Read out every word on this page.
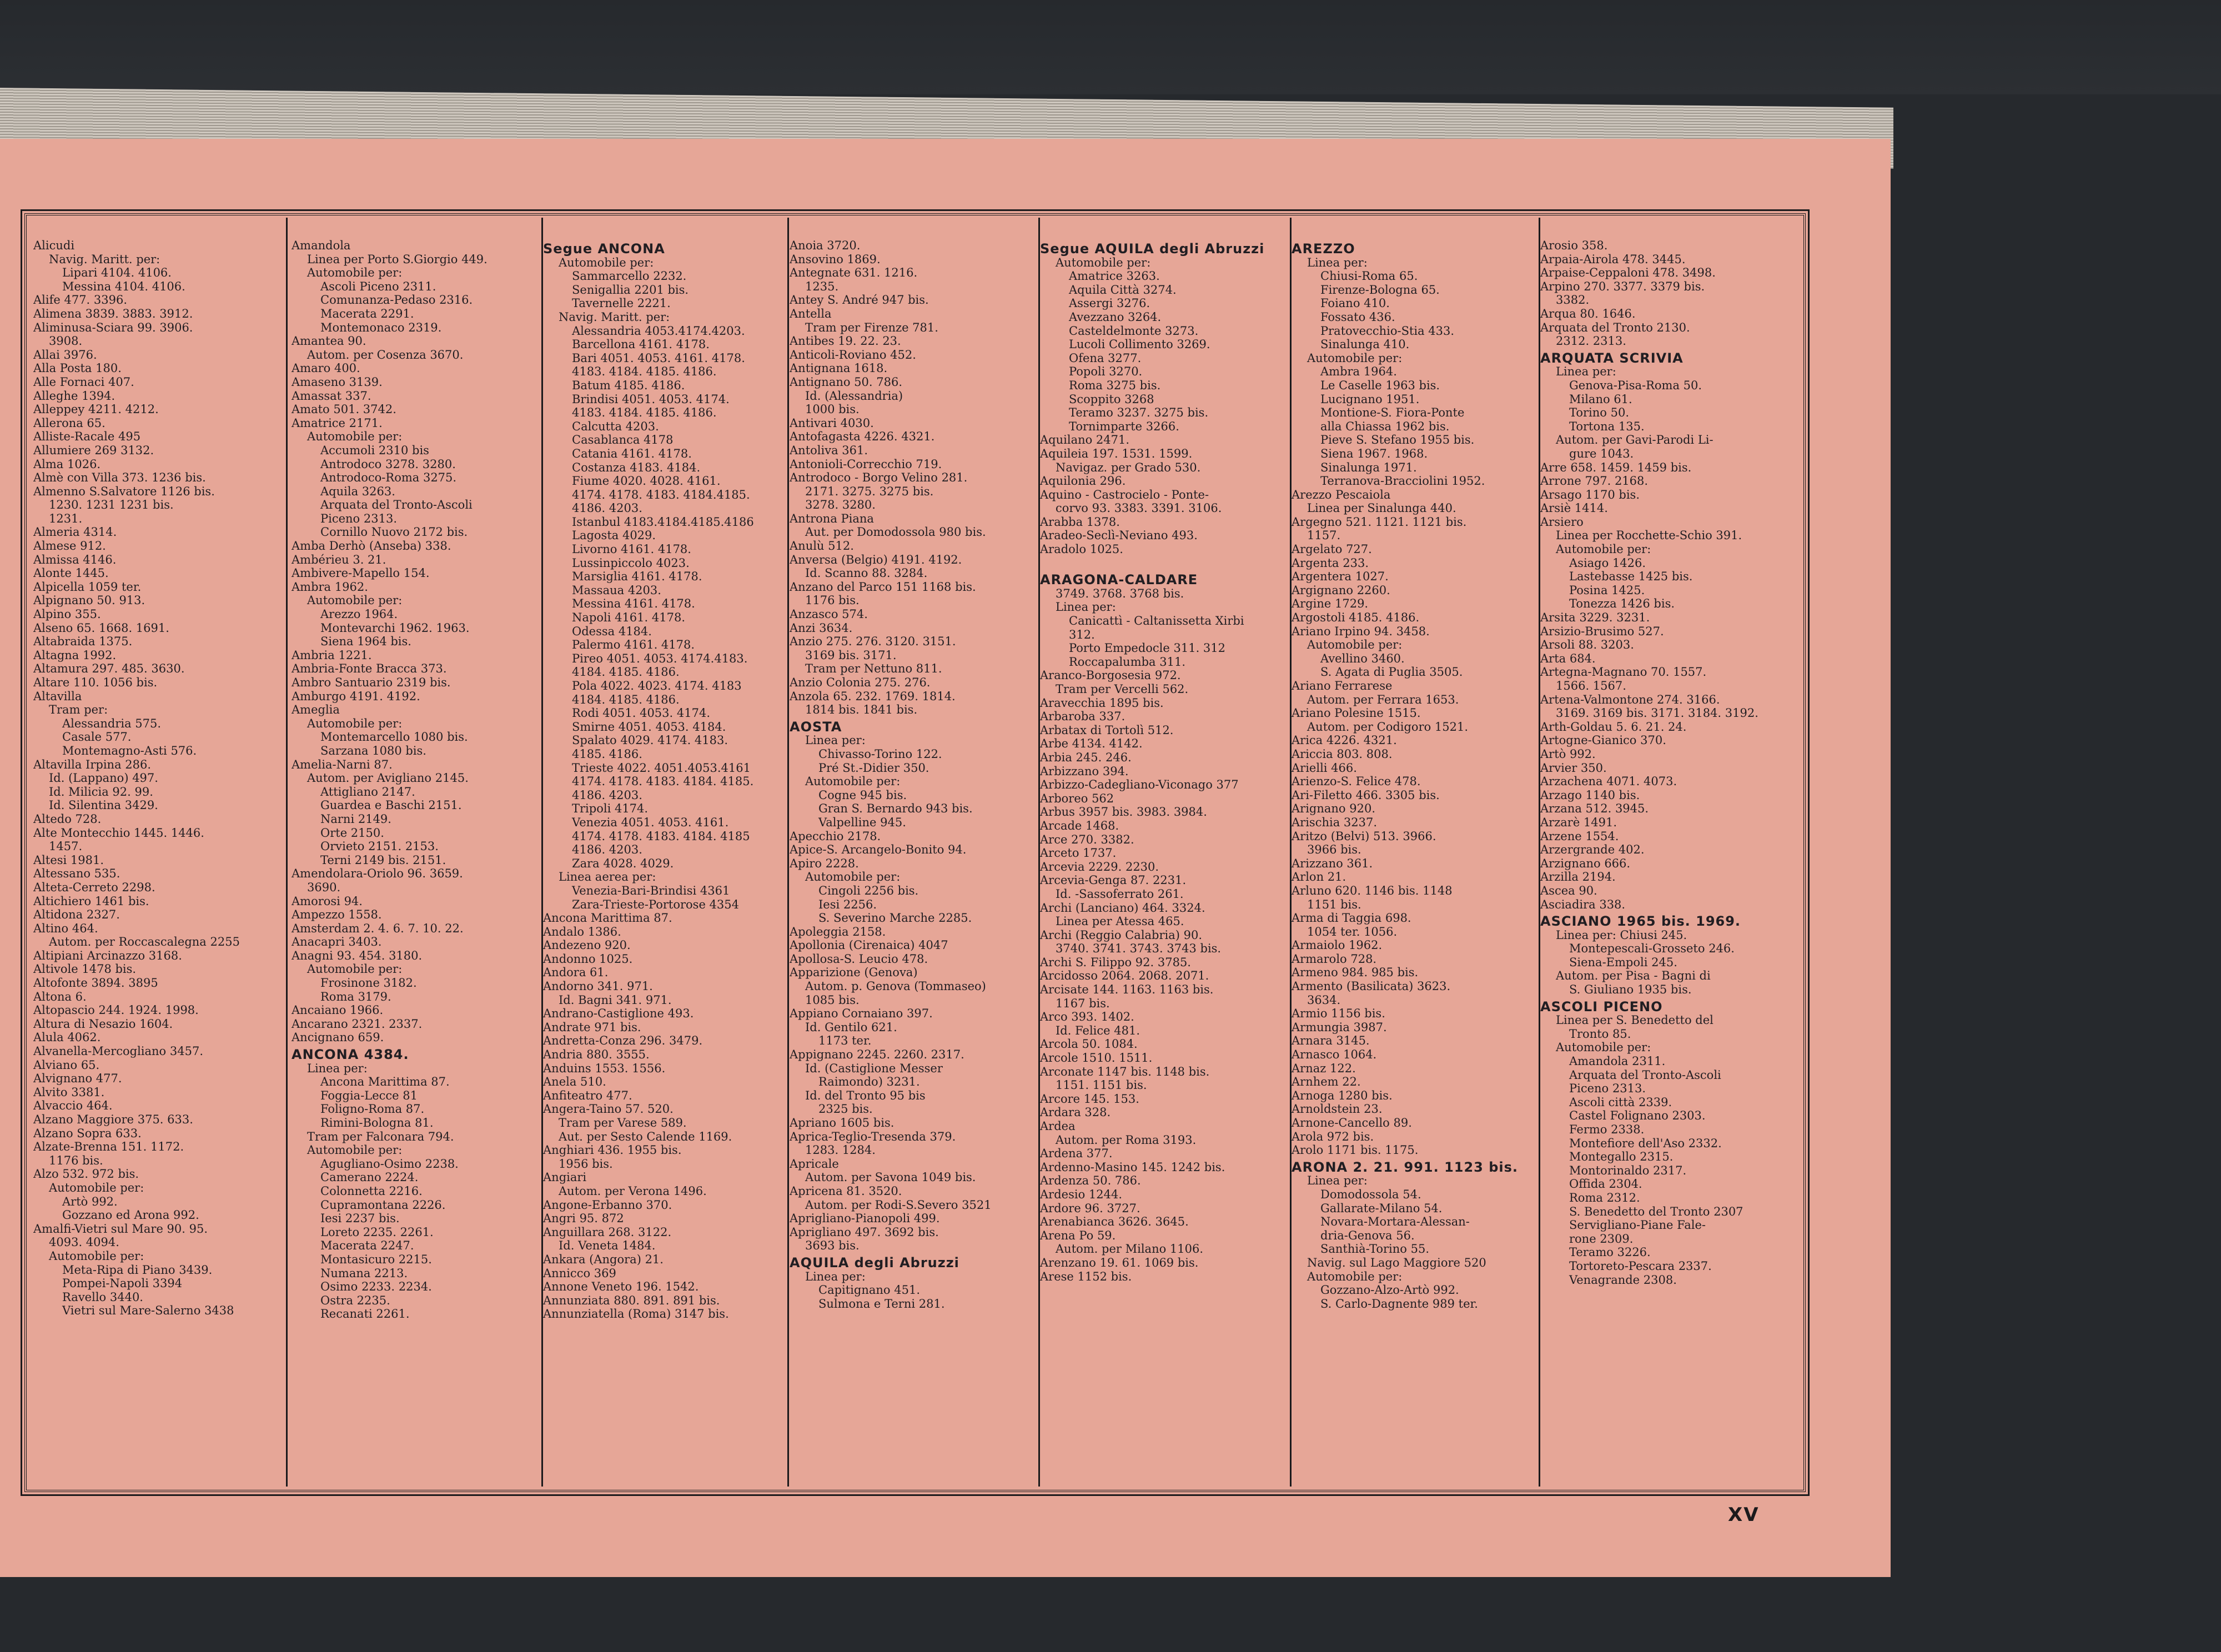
Alicudi
Navig. Maritt. per:
Lipari 4104. 4106.
Messina 4104. 4106.
Alife 477. 3396.
Alimena 3839. 3883. 3912.
Aliminusa-Sciara 99. 3906.
3908.
Allai 3976.
Alla Posta 180.
Alle Fornaci 407.
Alleghe 1394.
Alleppey 4211. 4212.
Allerona 65.
Alliste-Racale 495
Allumiere 269 3132.
Alma 1026.
Almè con Villa 373. 1236 bis.
Almenno S.Salvatore 1126 bis.
1230. 1231 1231 bis.
1231.
Almeria 4314.
Almese 912.
Almissa 4146.
Alonte 1445.
Alpicella 1059 ter.
Alpignano 50. 913.
Alpino 355.
Alseno 65. 1668. 1691.
Altabraida 1375.
Altagna 1992.
Altamura 297. 485. 3630.
Altare 110. 1056 bis.
Altavilla
Tram per:
Alessandria 575.
Casale 577.
Montemagno-Asti 576.
Altavilla Irpina 286.
Id. (Lappano) 497.
Id. Milicia 92. 99.
Id. Silentina 3429.
Altedo 728.
Alte Montecchio 1445. 1446.
1457.
Altesi 1981.
Altessano 535.
Alteta-Cerreto 2298.
Altichiero 1461 bis.
Altidona 2327.
Altino 464.
Autom. per Roccascalegna 2255
Altipiani Arcinazzo 3168.
Altivole 1478 bis.
Altofonte 3894. 3895
Altona 6.
Altopascio 244. 1924. 1998.
Altura di Nesazio 1604.
Alula 4062.
Alvanella-Mercogliano 3457.
Alviano 65.
Alvignano 477.
Alvito 3381.
Alvaccio 464.
Alzano Maggiore 375. 633.
Alzano Sopra 633.
Alzate-Brenna 151. 1172.
1176 bis.
Alzo 532. 972 bis.
Automobile per:
Artò 992.
Gozzano ed Arona 992.
Amalfi-Vietri sul Mare 90. 95.
4093. 4094.
Automobile per:
Meta-Ripa di Piano 3439.
Pompei-Napoli 3394
Ravello 3440.
Vietri sul Mare-Salerno 3438
Amandola
Linea per Porto S.Giorgio 449.
Automobile per:
Ascoli Piceno 2311.
Comunanza-Pedaso 2316.
Macerata 2291.
Montemonaco 2319.
Amantea 90.
Autom. per Cosenza 3670.
Amaro 400.
Amaseno 3139.
Amassat 337.
Amato 501. 3742.
Amatrice 2171.
Automobile per:
Accumoli 2310 bis
Antrodoco 3278. 3280.
Antrodoco-Roma 3275.
Aquila 3263.
Arquata del Tronto-Ascoli
Piceno 2313.
Cornillo Nuovo 2172 bis.
Amba Derhò (Anseba) 338.
Ambérieu 3. 21.
Ambivere-Mapello 154.
Ambra 1962.
Automobile per:
Arezzo 1964.
Montevarchi 1962. 1963.
Siena 1964 bis.
Ambria 1221.
Ambria-Fonte Bracca 373.
Ambro Santuario 2319 bis.
Amburgo 4191. 4192.
Ameglia
Automobile per:
Montemarcello 1080 bis.
Sarzana 1080 bis.
Amelia-Narni 87.
Autom. per Avigliano 2145.
Attigliano 2147.
Guardea e Baschi 2151.
Narni 2149.
Orte 2150.
Orvieto 2151. 2153.
Terni 2149 bis. 2151.
Amendolara-Oriolo 96. 3659.
3690.
Amorosi 94.
Ampezzo 1558.
Amsterdam 2. 4. 6. 7. 10. 22.
Anacapri 3403.
Anagni 93. 454. 3180.
Automobile per:
Frosinone 3182.
Roma 3179.
Ancaiano 1966.
Ancarano 2321. 2337.
Ancignano 659.
ANCONA 4384.
Linea per:
Ancona Marittima 87.
Foggia-Lecce 81
Foligno-Roma 87.
Rimini-Bologna 81.
Tram per Falconara 794.
Automobile per:
Agugliano-Osimo 2238.
Camerano 2224.
Colonnetta 2216.
Cupramontana 2226.
Iesi 2237 bis.
Loreto 2235. 2261.
Macerata 2247.
Montasicuro 2215.
Numana 2213.
Osimo 2233. 2234.
Ostra 2235.
Recanati 2261.
Segue ANCONA
Automobile per:
Sammarcello 2232.
Senigallia 2201 bis.
Tavernelle 2221.
Navig. Maritt. per:
Alessandria 4053.4174.4203.
Barcellona 4161. 4178.
Bari 4051. 4053. 4161. 4178.
4183. 4184. 4185. 4186.
Batum 4185. 4186.
Brindisi 4051. 4053. 4174.
4183. 4184. 4185. 4186.
Calcutta 4203.
Casablanca 4178
Catania 4161. 4178.
Costanza 4183. 4184.
Fiume 4020. 4028. 4161.
4174. 4178. 4183. 4184.4185.
4186. 4203.
Istanbul 4183.4184.4185.4186
Lagosta 4029.
Livorno 4161. 4178.
Lussinpiccolo 4023.
Marsiglia 4161. 4178.
Massaua 4203.
Messina 4161. 4178.
Napoli 4161. 4178.
Odessa 4184.
Palermo 4161. 4178.
Pireo 4051. 4053. 4174.4183.
4184. 4185. 4186.
Pola 4022. 4023. 4174. 4183
4184. 4185. 4186.
Rodi 4051. 4053. 4174.
Smirne 4051. 4053. 4184.
Spalato 4029. 4174. 4183.
4185. 4186.
Trieste 4022. 4051.4053.4161
4174. 4178. 4183. 4184. 4185.
4186. 4203.
Tripoli 4174.
Venezia 4051. 4053. 4161.
4174. 4178. 4183. 4184. 4185
4186. 4203.
Zara 4028. 4029.
Linea aerea per:
Venezia-Bari-Brindisi 4361
Zara-Trieste-Portorose 4354
Ancona Marittima 87.
Andalo 1386.
Andezeno 920.
Andonno 1025.
Andora 61.
Andorno 341. 971.
Id. Bagni 341. 971.
Andrano-Castiglione 493.
Andrate 971 bis.
Andretta-Conza 296. 3479.
Andria 880. 3555.
Anduins 1553. 1556.
Anela 510.
Anfiteatro 477.
Angera-Taino 57. 520.
Tram per Varese 589.
Aut. per Sesto Calende 1169.
Anghiari 436. 1955 bis.
1956 bis.
Angiari
Autom. per Verona 1496.
Angone-Erbanno 370.
Angri 95. 872
Anguillara 268. 3122.
Id. Veneta 1484.
Ankara (Angora) 21.
Annicco 369
Annone Veneto 196. 1542.
Annunziata 880. 891. 891 bis.
Annunziatella (Roma) 3147 bis.
Anoia 3720.
Ansovino 1869.
Antegnate 631. 1216.
1235.
Antey S. André 947 bis.
Antella
Tram per Firenze 781.
Antibes 19. 22. 23.
Anticoli-Roviano 452.
Antignana 1618.
Antignano 50. 786.
Id. (Alessandria)
1000 bis.
Antivari 4030.
Antofagasta 4226. 4321.
Antoliva 361.
Antonioli-Correcchio 719.
Antrodoco - Borgo Velino 281.
2171. 3275. 3275 bis.
3278. 3280.
Antrona Piana
Aut. per Domodossola 980 bis.
Anulù 512.
Anversa (Belgio) 4191. 4192.
Id. Scanno 88. 3284.
Anzano del Parco 151 1168 bis.
1176 bis.
Anzasco 574.
Anzi 3634.
Anzio 275. 276. 3120. 3151.
3169 bis. 3171.
Tram per Nettuno 811.
Anzio Colonia 275. 276.
Anzola 65. 232. 1769. 1814.
1814 bis. 1841 bis.
AOSTA
Linea per:
Chivasso-Torino 122.
Pré St.-Didier 350.
Automobile per:
Cogne 945 bis.
Gran S. Bernardo 943 bis.
Valpelline 945.
Apecchio 2178.
Apice-S. Arcangelo-Bonito 94.
Apiro 2228.
Automobile per:
Cingoli 2256 bis.
Iesi 2256.
S. Severino Marche 2285.
Apoleggia 2158.
Apollonia (Cirenaica) 4047
Apollosa-S. Leucio 478.
Apparizione (Genova)
Autom. p. Genova (Tommaseo)
1085 bis.
Appiano Cornaiano 397.
Id. Gentilo 621.
1173 ter.
Appignano 2245. 2260. 2317.
Id. (Castiglione Messer
Raimondo) 3231.
Id. del Tronto 95 bis
2325 bis.
Apriano 1605 bis.
Aprica-Teglio-Tresenda 379.
1283. 1284.
Apricale
Autom. per Savona 1049 bis.
Apricena 81. 3520.
Autom. per Rodi-S.Severo 3521
Aprigliano-Pianopoli 499.
Aprigliano 497. 3692 bis.
3693 bis.
AQUILA degli Abruzzi
Linea per:
Capitignano 451.
Sulmona e Terni 281.
Segue AQUILA degli Abruzzi
Automobile per:
Amatrice 3263.
Aquila Città 3274.
Assergi 3276.
Avezzano 3264.
Casteldelmonte 3273.
Lucoli Collimento 3269.
Ofena 3277.
Popoli 3270.
Roma 3275 bis.
Scoppito 3268
Teramo 3237. 3275 bis.
Tornimparte 3266.
Aquilano 2471.
Aquileia 197. 1531. 1599.
Navigaz. per Grado 530.
Aquilonia 296.
Aquino - Castrocielo - Ponte-
corvo 93. 3383. 3391. 3106.
Arabba 1378.
Aradeo-Seclì-Neviano 493.
Aradolo 1025.

ARAGONA-CALDARE
3749. 3768. 3768 bis.
Linea per:
Canicattì - Caltanissetta Xirbi
312.
Porto Empedocle 311. 312
Roccapalumba 311.
Aranco-Borgosesia 972.
Tram per Vercelli 562.
Aravecchia 1895 bis.
Arbaroba 337.
Arbatax di Tortolì 512.
Arbe 4134. 4142.
Arbia 245. 246.
Arbizzano 394.
Arbizzo-Cadegliano-Viconago 377
Arboreo 562
Arbus 3957 bis. 3983. 3984.
Arcade 1468.
Arce 270. 3382.
Arceto 1737.
Arcevia 2229. 2230.
Arcevia-Genga 87. 2231.
Id. -Sassoferrato 261.
Archi (Lanciano) 464. 3324.
Linea per Atessa 465.
Archi (Reggio Calabria) 90.
3740. 3741. 3743. 3743 bis.
Archi S. Filippo 92. 3785.
Arcidosso 2064. 2068. 2071.
Arcisate 144. 1163. 1163 bis.
1167 bis.
Arco 393. 1402.
Id. Felice 481.
Arcola 50. 1084.
Arcole 1510. 1511.
Arconate 1147 bis. 1148 bis.
1151. 1151 bis.
Arcore 145. 153.
Ardara 328.
Ardea
Autom. per Roma 3193.
Ardena 377.
Ardenno-Masino 145. 1242 bis.
Ardenza 50. 786.
Ardesio 1244.
Ardore 96. 3727.
Arenabianca 3626. 3645.
Arena Po 59.
Autom. per Milano 1106.
Arenzano 19. 61. 1069 bis.
Arese 1152 bis.
AREZZO
Linea per:
Chiusi-Roma 65.
Firenze-Bologna 65.
Foiano 410.
Fossato 436.
Pratovecchio-Stia 433.
Sinalunga 410.
Automobile per:
Ambra 1964.
Le Caselle 1963 bis.
Lucignano 1951.
Montione-S. Fiora-Ponte
alla Chiassa 1962 bis.
Pieve S. Stefano 1955 bis.
Siena 1967. 1968.
Sinalunga 1971.
Terranova-Bracciolini 1952.
Arezzo Pescaiola
Linea per Sinalunga 440.
Argegno 521. 1121. 1121 bis.
1157.
Argelato 727.
Argenta 233.
Argentera 1027.
Argignano 2260.
Argine 1729.
Argostoli 4185. 4186.
Ariano Irpino 94. 3458.
Automobile per:
Avellino 3460.
S. Agata di Puglia 3505.
Ariano Ferrarese
Autom. per Ferrara 1653.
Ariano Polesine 1515.
Autom. per Codigoro 1521.
Arica 4226. 4321.
Ariccia 803. 808.
Arielli 466.
Arienzo-S. Felice 478.
Ari-Filetto 466. 3305 bis.
Arignano 920.
Arischia 3237.
Aritzo (Belvi) 513. 3966.
3966 bis.
Arizzano 361.
Arlon 21.
Arluno 620. 1146 bis. 1148
1151 bis.
Arma di Taggia 698.
1054 ter. 1056.
Armaiolo 1962.
Armarolo 728.
Armeno 984. 985 bis.
Armento (Basilicata) 3623.
3634.
Armio 1156 bis.
Armungia 3987.
Arnara 3145.
Arnasco 1064.
Arnaz 122.
Arnhem 22.
Arnoga 1280 bis.
Arnoldstein 23.
Arnone-Cancello 89.
Arola 972 bis.
Arolo 1171 bis. 1175.
ARONA 2. 21. 991. 1123 bis.
Linea per:
Domodossola 54.
Gallarate-Milano 54.
Novara-Mortara-Alessan-
dria-Genova 56.
Santhià-Torino 55.
Navig. sul Lago Maggiore 520
Automobile per:
Gozzano-Alzo-Artò 992.
S. Carlo-Dagnente 989 ter.
Arosio 358.
Arpaia-Airola 478. 3445.
Arpaise-Ceppaloni 478. 3498.
Arpino 270. 3377. 3379 bis.
3382.
Arqua 80. 1646.
Arquata del Tronto 2130.
2312. 2313.
ARQUATA SCRIVIA
Linea per:
Genova-Pisa-Roma 50.
Milano 61.
Torino 50.
Tortona 135.
Autom. per Gavi-Parodi Li-
gure 1043.
Arre 658. 1459. 1459 bis.
Arrone 797. 2168.
Arsago 1170 bis.
Arsiè 1414.
Arsiero
Linea per Rocchette-Schio 391.
Automobile per:
Asiago 1426.
Lastebasse 1425 bis.
Posina 1425.
Tonezza 1426 bis.
Arsita 3229. 3231.
Arsizio-Brusimo 527.
Arsoli 88. 3203.
Arta 684.
Artegna-Magnano 70. 1557.
1566. 1567.
Artena-Valmontone 274. 3166.
3169. 3169 bis. 3171. 3184. 3192.
Arth-Goldau 5. 6. 21. 24.
Artogne-Gianico 370.
Artò 992.
Arvier 350.
Arzachena 4071. 4073.
Arzago 1140 bis.
Arzana 512. 3945.
Arzarè 1491.
Arzene 1554.
Arzergrande 402.
Arzignano 666.
Arzilla 2194.
Ascea 90.
Asciadira 338.
ASCIANO 1965 bis. 1969.
Linea per: Chiusi 245.
Montepescali-Grosseto 246.
Siena-Empoli 245.
Autom. per Pisa - Bagni di
S. Giuliano 1935 bis.
ASCOLI PICENO
Linea per S. Benedetto del
Tronto 85.
Automobile per:
Amandola 2311.
Arquata del Tronto-Ascoli
Piceno 2313.
Ascoli città 2339.
Castel Folignano 2303.
Fermo 2338.
Montefiore dell'Aso 2332.
Montegallo 2315.
Montorinaldo 2317.
Offida 2304.
Roma 2312.
S. Benedetto del Tronto 2307
Servigliano-Piane Fale-
rone 2309.
Teramo 3226.
Tortoreto-Pescara 2337.
Venagrande 2308.
XV
